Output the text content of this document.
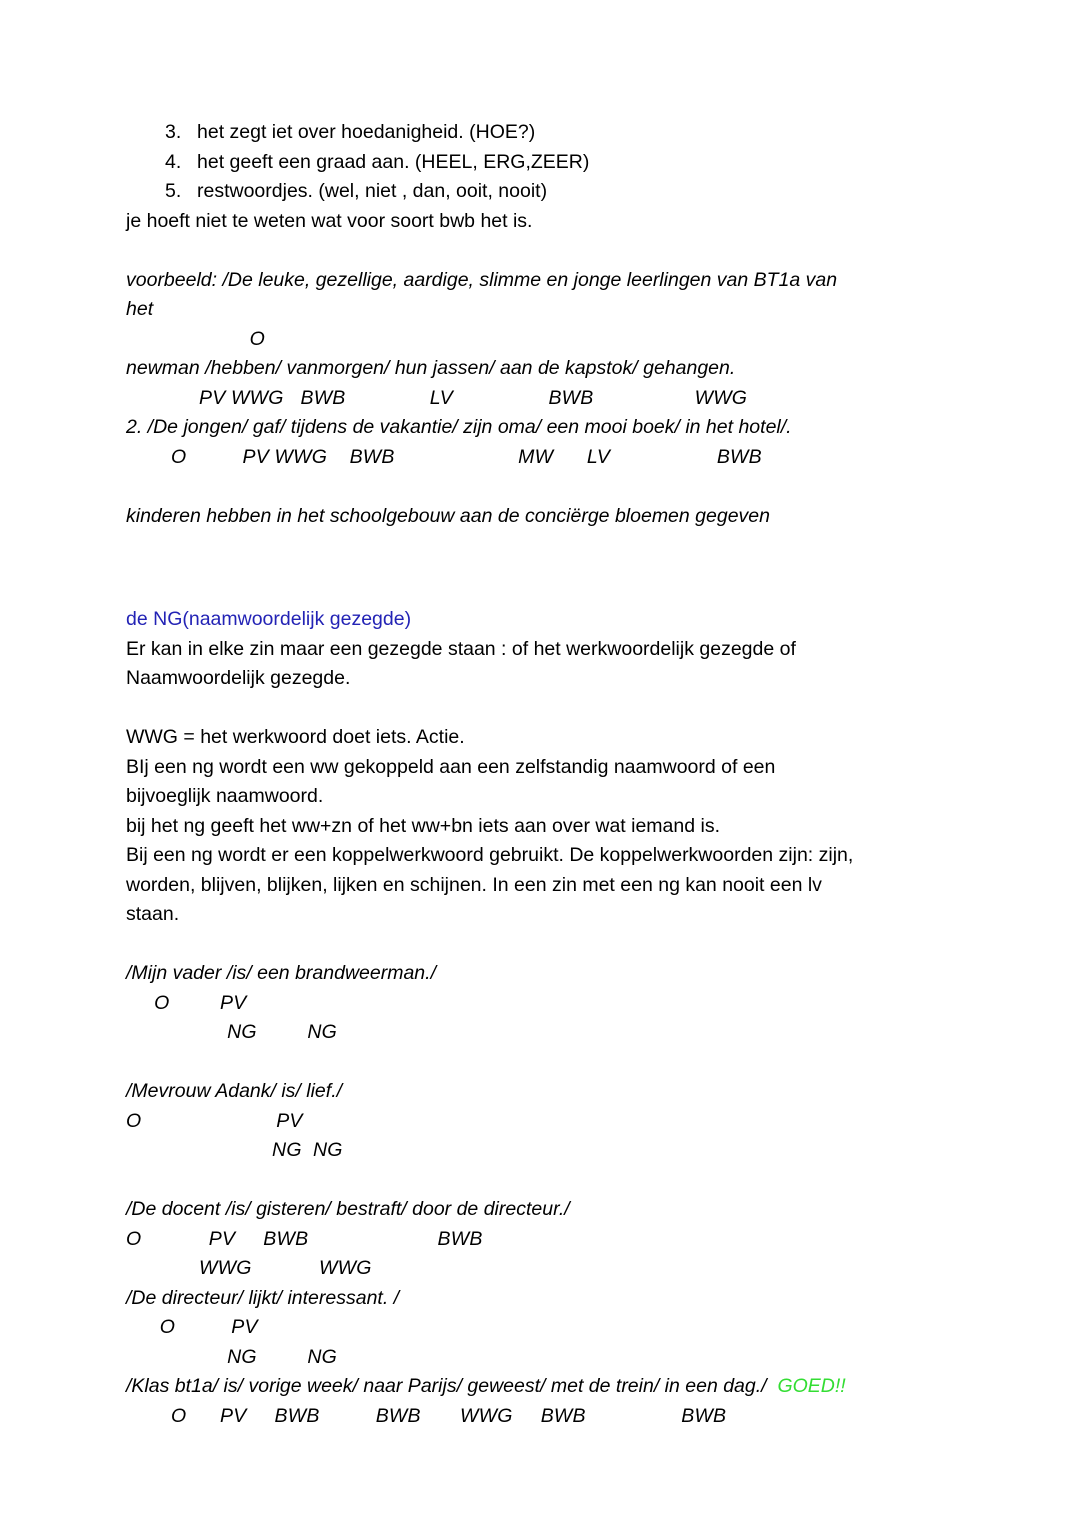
3. het zegt iet over hoedanigheid. (HOE?)
4. het geeft een graad aan. (HEEL, ERG,ZEER)
5. restwoordjes. (wel, niet , dan, ooit, nooit)
je hoeft niet te weten wat voor soort bwb het is.
voorbeeld: /De leuke, gezellige, aardige, slimme en jonge leerlingen van BT1a van
het
O
newman /hebben/ vanmorgen/ hun jassen/ aan de kapstok/ gehangen.
PV WWG   BWB               LV                 BWB                  WWG
2. /De jongen/ gaf/ tijdens de vakantie/ zijn oma/ een mooi boek/ in het hotel/.
O          PV WWG    BWB                      MW      LV                   BWB
kinderen hebben in het schoolgebouw aan de conciërge bloemen gegeven
de NG(naamwoordelijk gezegde)
Er kan in elke zin maar een gezegde staan : of het werkwoordelijk gezegde of
Naamwoordelijk gezegde.
WWG = het werkwoord doet iets. Actie.
BIj een ng wordt een ww gekoppeld aan een zelfstandig naamwoord of een
bijvoeglijk naamwoord.
bij het ng geeft het ww+zn of het ww+bn iets aan over wat iemand is.
Bij een ng wordt er een koppelwerkwoord gebruikt. De koppelwerkwoorden zijn: zijn,
worden, blijven, blijken, lijken en schijnen. In een zin met een ng kan nooit een lv
staan.
/Mijn vader /is/ een brandweerman./
O         PV
NG         NG
/Mevrouw Adank/ is/ lief./
O                        PV
NG  NG
/De docent /is/ gisteren/ bestraft/ door de directeur./
O            PV     BWB                       BWB
WWG            WWG
/De directeur/ lijkt/ interessant. /
O          PV
NG         NG
/Klas bt1a/ is/ vorige week/ naar Parijs/ geweest/ met de trein/ in een dag./ GOED!!
O      PV     BWB          BWB       WWG     BWB                 BWB
